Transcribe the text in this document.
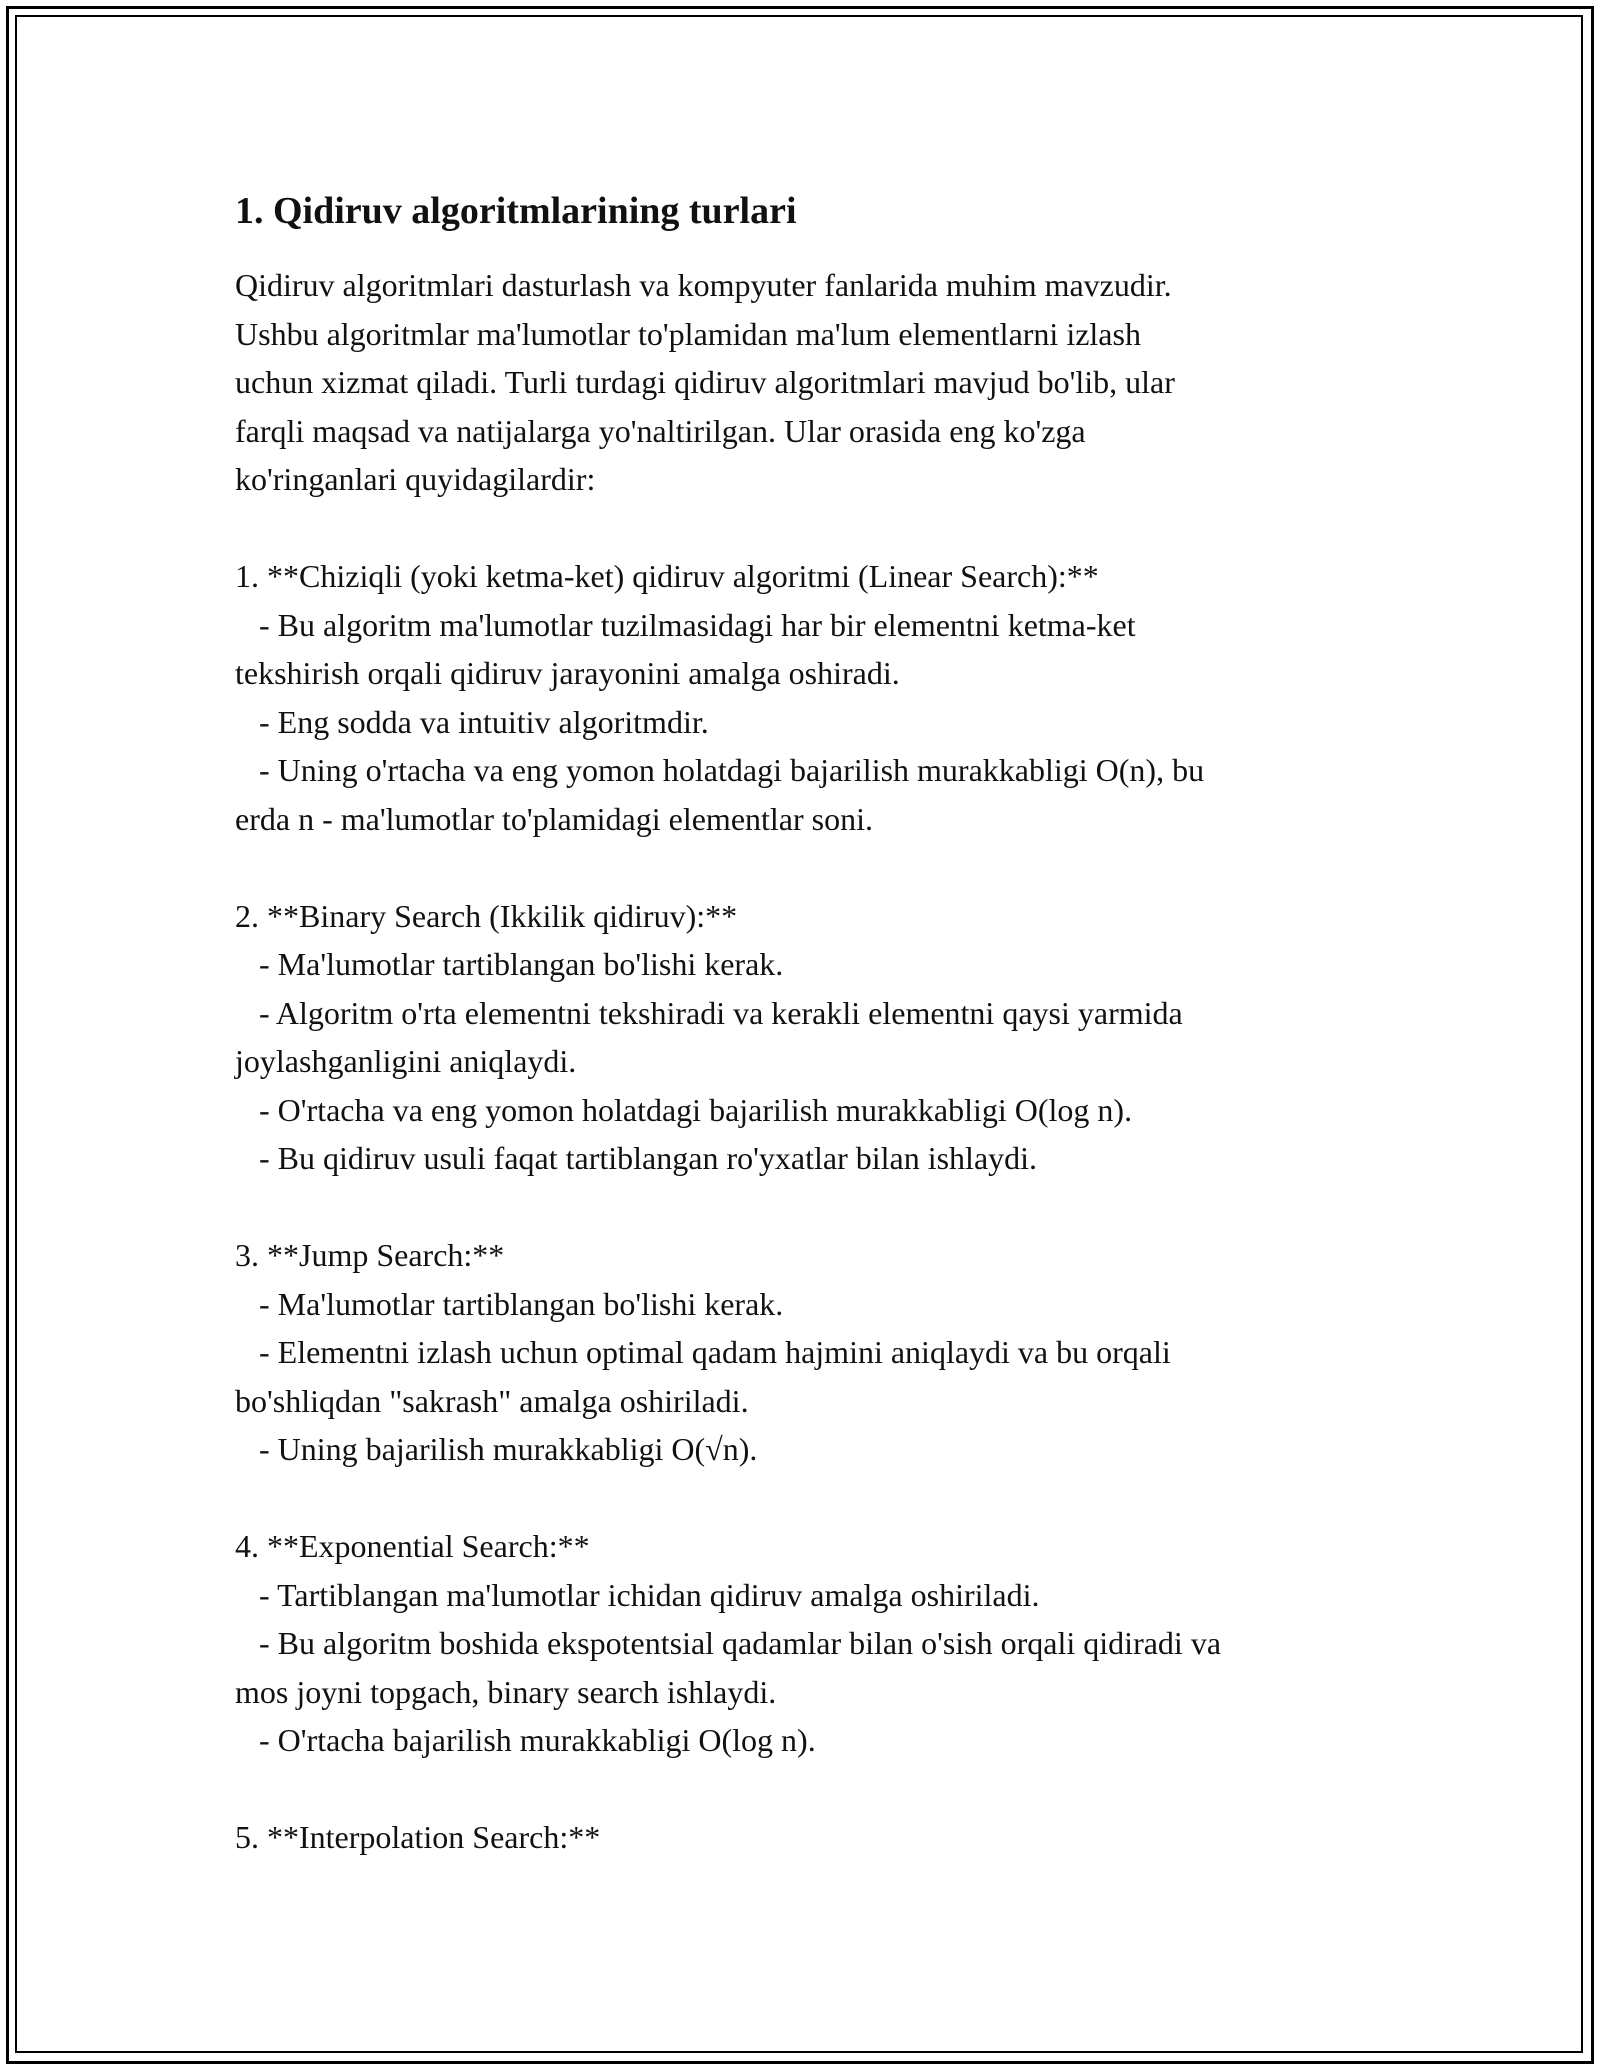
1. Qidiruv algoritmlarining turlari

Qidiruv algoritmlari dasturlash va kompyuter fanlarida muhim mavzudir.
Ushbu algoritmlar ma'lumotlar to'plamidan ma'lum elementlarni izlash
uchun xizmat qiladi. Turli turdagi qidiruv algoritmlari mavjud bo'lib, ular
farqli maqsad va natijalarga yo'naltirilgan. Ular orasida eng ko'zga
ko'ringanlari quyidagilardir:

1. **Chiziqli (yoki ketma-ket) qidiruv algoritmi (Linear Search):**
- Bu algoritm ma'lumotlar tuzilmasidagi har bir elementni ketma-ket
tekshirish orqali qidiruv jarayonini amalga oshiradi.
- Eng sodda va intuitiv algoritmdir.
- Uning o'rtacha va eng yomon holatdagi bajarilish murakkabligi O(n), bu
erda n - ma'lumotlar to'plamidagi elementlar soni.

2. **Binary Search (Ikkilik qidiruv):**
- Ma'lumotlar tartiblangan bo'lishi kerak.
- Algoritm o'rta elementni tekshiradi va kerakli elementni qaysi yarmida
joylashganligini aniqlaydi.
- O'rtacha va eng yomon holatdagi bajarilish murakkabligi O(log n).
- Bu qidiruv usuli faqat tartiblangan ro'yxatlar bilan ishlaydi.

3. **Jump Search:**
- Ma'lumotlar tartiblangan bo'lishi kerak.
- Elementni izlash uchun optimal qadam hajmini aniqlaydi va bu orqali
bo'shliqdan "sakrash" amalga oshiriladi.
- Uning bajarilish murakkabligi O(√n).

4. **Exponential Search:**
- Tartiblangan ma'lumotlar ichidan qidiruv amalga oshiriladi.
- Bu algoritm boshida ekspotentsial qadamlar bilan o'sish orqali qidiradi va
mos joyni topgach, binary search ishlaydi.
- O'rtacha bajarilish murakkabligi O(log n).

5. **Interpolation Search:**
